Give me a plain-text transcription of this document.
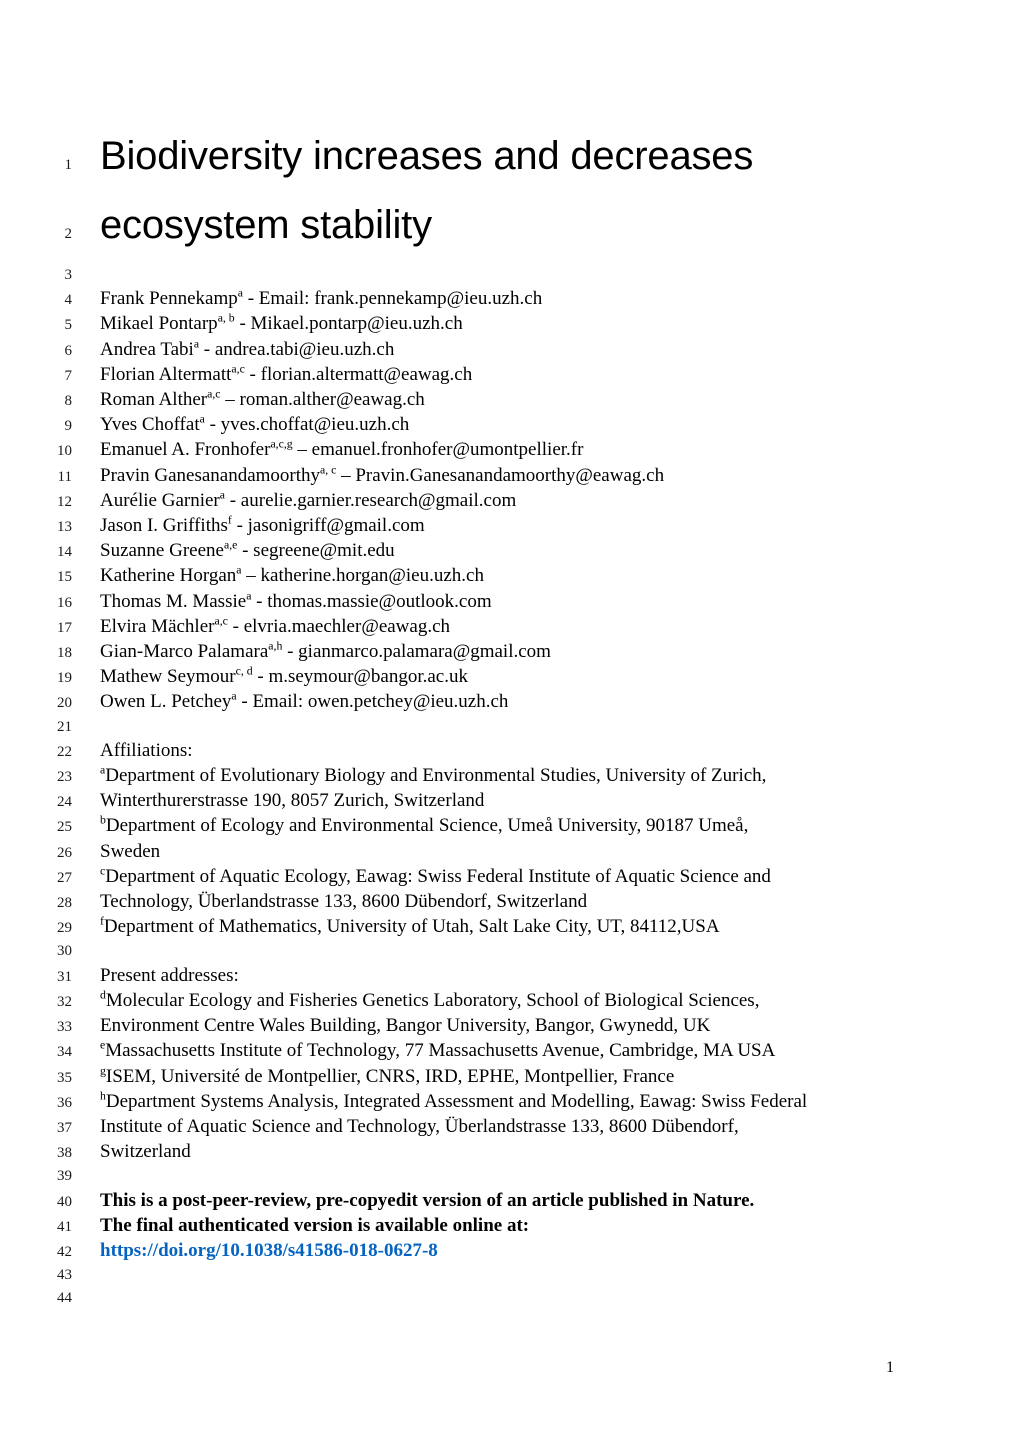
1 Biodiversity increases and decreases
2 ecosystem stability
3
4	Frank Pennekamp$^a$ - Email: frank.pennekamp@ieu.uzh.ch
5	Mikael Pontarp$^{a, b}$ - Mikael.pontarp@ieu.uzh.ch
6	Andrea Tabi$^a$ - andrea.tabi@ieu.uzh.ch
7	Florian Altermatt$^{a,c}$ - florian.altermatt@eawag.ch
8	Roman Alther$^{a,c}$ – roman.alther@eawag.ch
9	Yves Choffat$^a$ - yves.choffat@ieu.uzh.ch
10	Emanuel A. Fronhofer$^{a,c,g}$ – emanuel.fronhofer@umontpellier.fr
11	Pravin Ganesanandamoorthy$^{a, c}$ – Pravin.Ganesanandamoorthy@eawag.ch
12	Aurélie Garnier$^a$ - aurelie.garnier.research@gmail.com
13	Jason I. Griffiths$^f$ - jasonigriff@gmail.com
14	Suzanne Greene$^{a,e}$ - segreene@mit.edu
15	Katherine Horgan$^a$ – katherine.horgan@ieu.uzh.ch
16	Thomas M. Massie$^a$ - thomas.massie@outlook.com
17	Elvira Mächler$^{a,c}$ - elvria.maechler@eawag.ch
18	Gian-Marco Palamara$^{a,h}$ - gianmarco.palamara@gmail.com
19	Mathew Seymour$^{c, d}$ - m.seymour@bangor.ac.uk
20	Owen L. Petchey$^a$ - Email: owen.petchey@ieu.uzh.ch
21
22	Affiliations:
23	$^a$Department of Evolutionary Biology and Environmental Studies, University of Zurich,
24	Winterthurerstrasse 190, 8057 Zurich, Switzerland
25	$^b$Department of Ecology and Environmental Science, Umeå University, 90187 Umeå,
26	Sweden
27	$^c$Department of Aquatic Ecology, Eawag: Swiss Federal Institute of Aquatic Science and
28	Technology, Überlandstrasse 133, 8600 Dübendorf, Switzerland
29	$^f$Department of Mathematics, University of Utah, Salt Lake City, UT, 84112,USA
30
31	Present addresses:
32	$^d$Molecular Ecology and Fisheries Genetics Laboratory, School of Biological Sciences,
33	Environment Centre Wales Building, Bangor University, Bangor, Gwynedd, UK
34	$^e$Massachusetts Institute of Technology, 77 Massachusetts Avenue, Cambridge, MA USA
35	$^g$ISEM, Université de Montpellier, CNRS, IRD, EPHE, Montpellier, France
36	$^h$Department Systems Analysis, Integrated Assessment and Modelling, Eawag: Swiss Federal
37	Institute of Aquatic Science and Technology, Überlandstrasse 133, 8600 Dübendorf,
38	Switzerland
39
40	This is a post-peer-review, pre-copyedit version of an article published in Nature.
41	The final authenticated version is available online at:
42	https://doi.org/10.1038/s41586-018-0627-8
43
44
1
